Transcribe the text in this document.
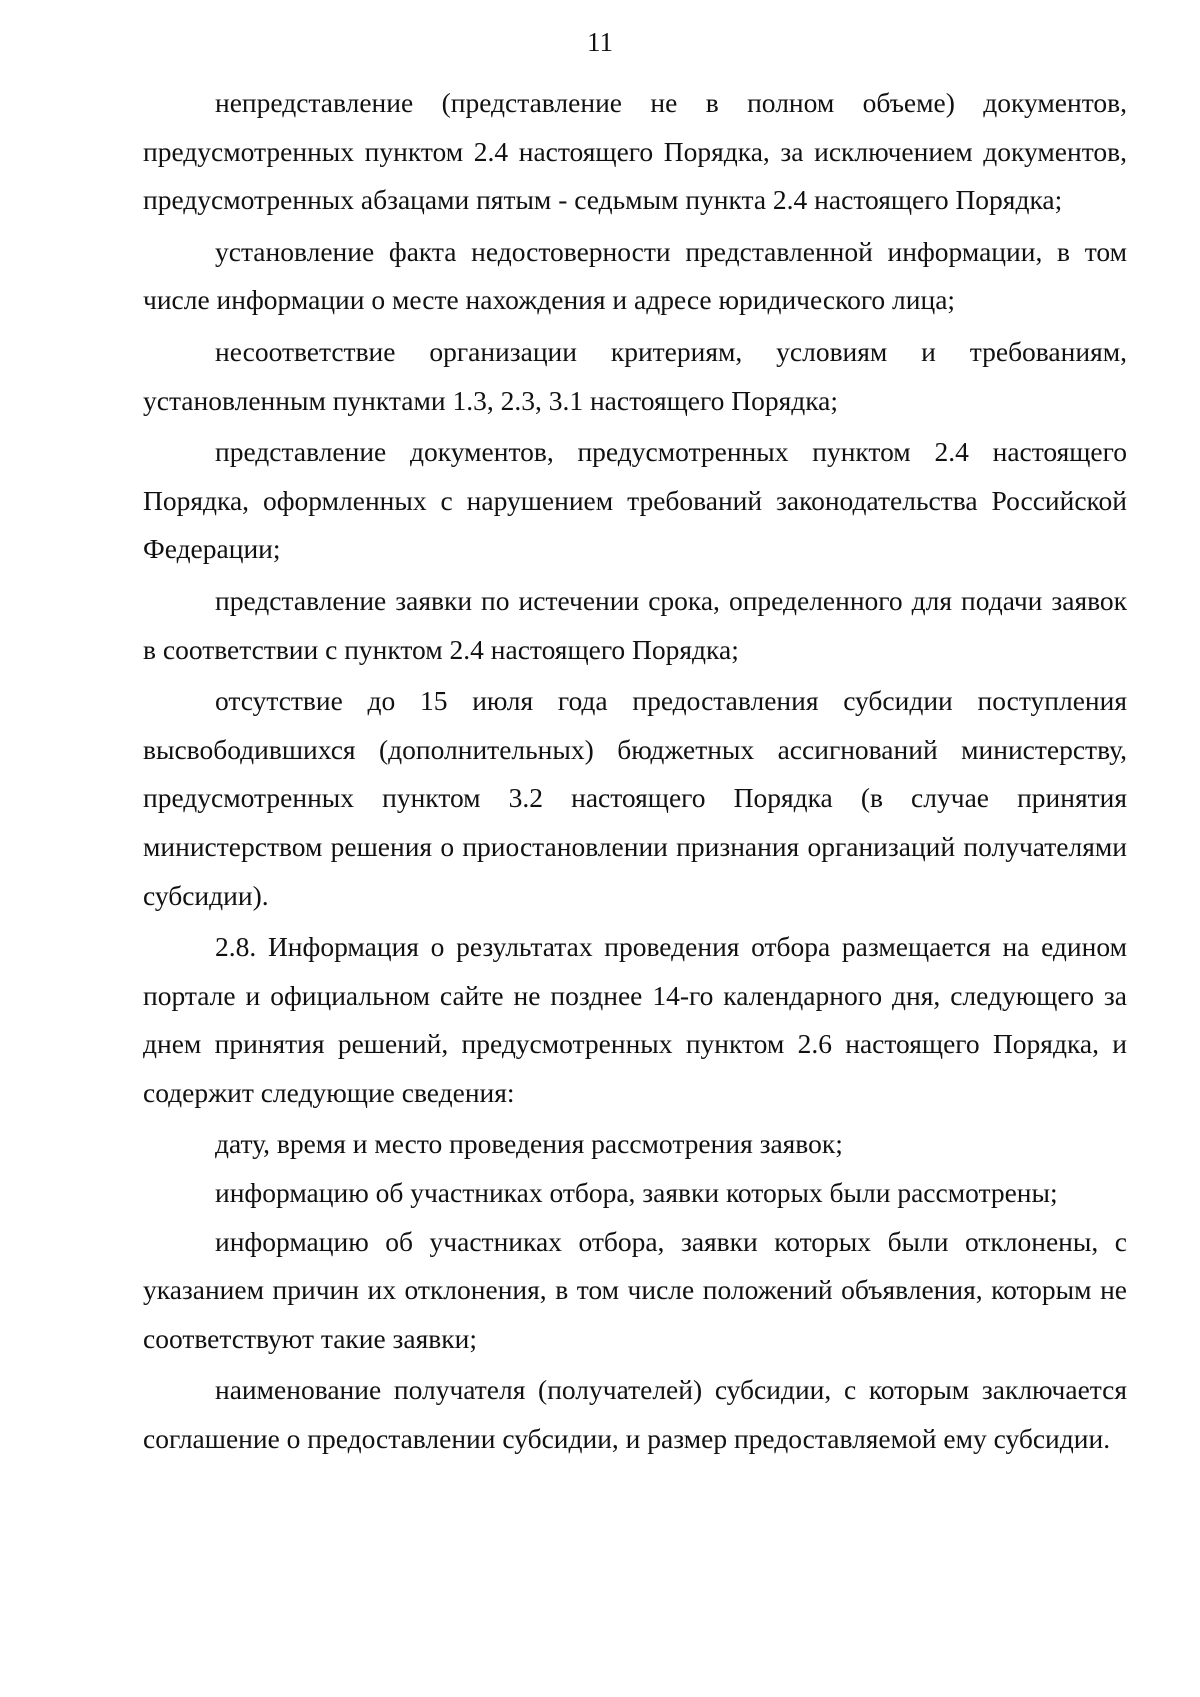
11

непредставление (представление не в полном объеме) документов, предусмотренных пунктом 2.4 настоящего Порядка, за исключением документов, предусмотренных абзацами пятым - седьмым пункта 2.4 настоящего Порядка;

установление факта недостоверности представленной информации, в том числе информации о месте нахождения и адресе юридического лица;

несоответствие организации критериям, условиям и требованиям, установленным пунктами 1.3, 2.3, 3.1 настоящего Порядка;

представление документов, предусмотренных пунктом 2.4 настоящего Порядка, оформленных с нарушением требований законодательства Российской Федерации;

представление заявки по истечении срока, определенного для подачи заявок в соответствии с пунктом 2.4 настоящего Порядка;

отсутствие до 15 июля года предоставления субсидии поступления высвободившихся (дополнительных) бюджетных ассигнований министерству, предусмотренных пунктом 3.2 настоящего Порядка (в случае принятия министерством решения о приостановлении признания организаций получателями субсидии).

2.8. Информация о результатах проведения отбора размещается на едином портале и официальном сайте не позднее 14-го календарного дня, следующего за днем принятия решений, предусмотренных пунктом 2.6 настоящего Порядка, и содержит следующие сведения:

дату, время и место проведения рассмотрения заявок;

информацию об участниках отбора, заявки которых были рассмотрены;

информацию об участниках отбора, заявки которых были отклонены, с указанием причин их отклонения, в том числе положений объявления, которым не соответствуют такие заявки;

наименование получателя (получателей) субсидии, с которым заключается соглашение о предоставлении субсидии, и размер предоставляемой ему субсидии.
